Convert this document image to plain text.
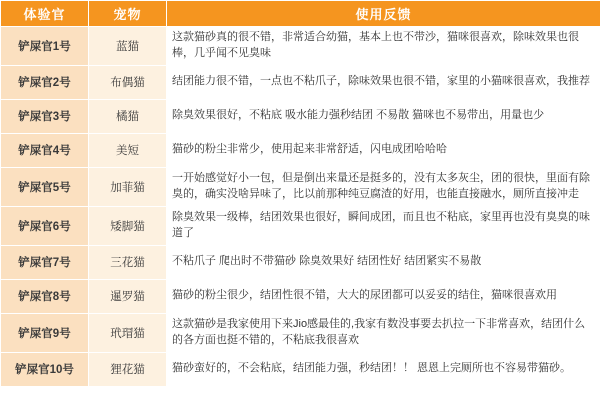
体验官	宠物	使用反馈
铲屎官1号	蓝猫	这款猫砂真的很不错，非常适合幼猫，基本上也不带沙，猫咪很喜欢，除味效果也很棒，几乎闻不见臭味
铲屎官2号	布偶猫	结团能力很不错，一点也不粘爪子，除味效果也很不错，家里的小猫咪很喜欢，我推荐
铲屎官3号	橘猫	除臭效果很好，不粘底 吸水能力强秒结团 不易散 猫咪也不易带出，用量也少
铲屎官4号	美短	猫砂的粉尘非常少，使用起来非常舒适，闪电成团哈哈哈
铲屎官5号	加菲猫	一开始感觉好小一包，但是倒出来量还是挺多的，没有太多灰尘，团的很快，里面有除臭的，确实没啥异味了，比以前那种纯豆腐渣的好用，也能直接融水，厕所直接冲走
铲屎官6号	矮脚猫	除臭效果一级棒，结团效果也很好，瞬间成团，而且也不粘底，家里再也没有臭臭的味道了
铲屎官7号	三花猫	不粘爪子 爬出时不带猫砂 除臭效果好 结团性好 结团紧实不易散
铲屎官8号	暹罗猫	猫砂的粉尘很少，结团性很不错，大大的尿团都可以妥妥的结住，猫咪很喜欢用
铲屎官9号	玳瑁猫	这款猫砂是我家使用下来Jio感最佳的,我家有数没事要去扒拉一下非常喜欢，结团什么的各方面也挺不错的，不粘底我很喜欢
铲屎官10号	狸花猫	猫砂蛮好的，不会粘底，结团能力强，秒结团！！ 恩恩上完厕所也不容易带猫砂。
